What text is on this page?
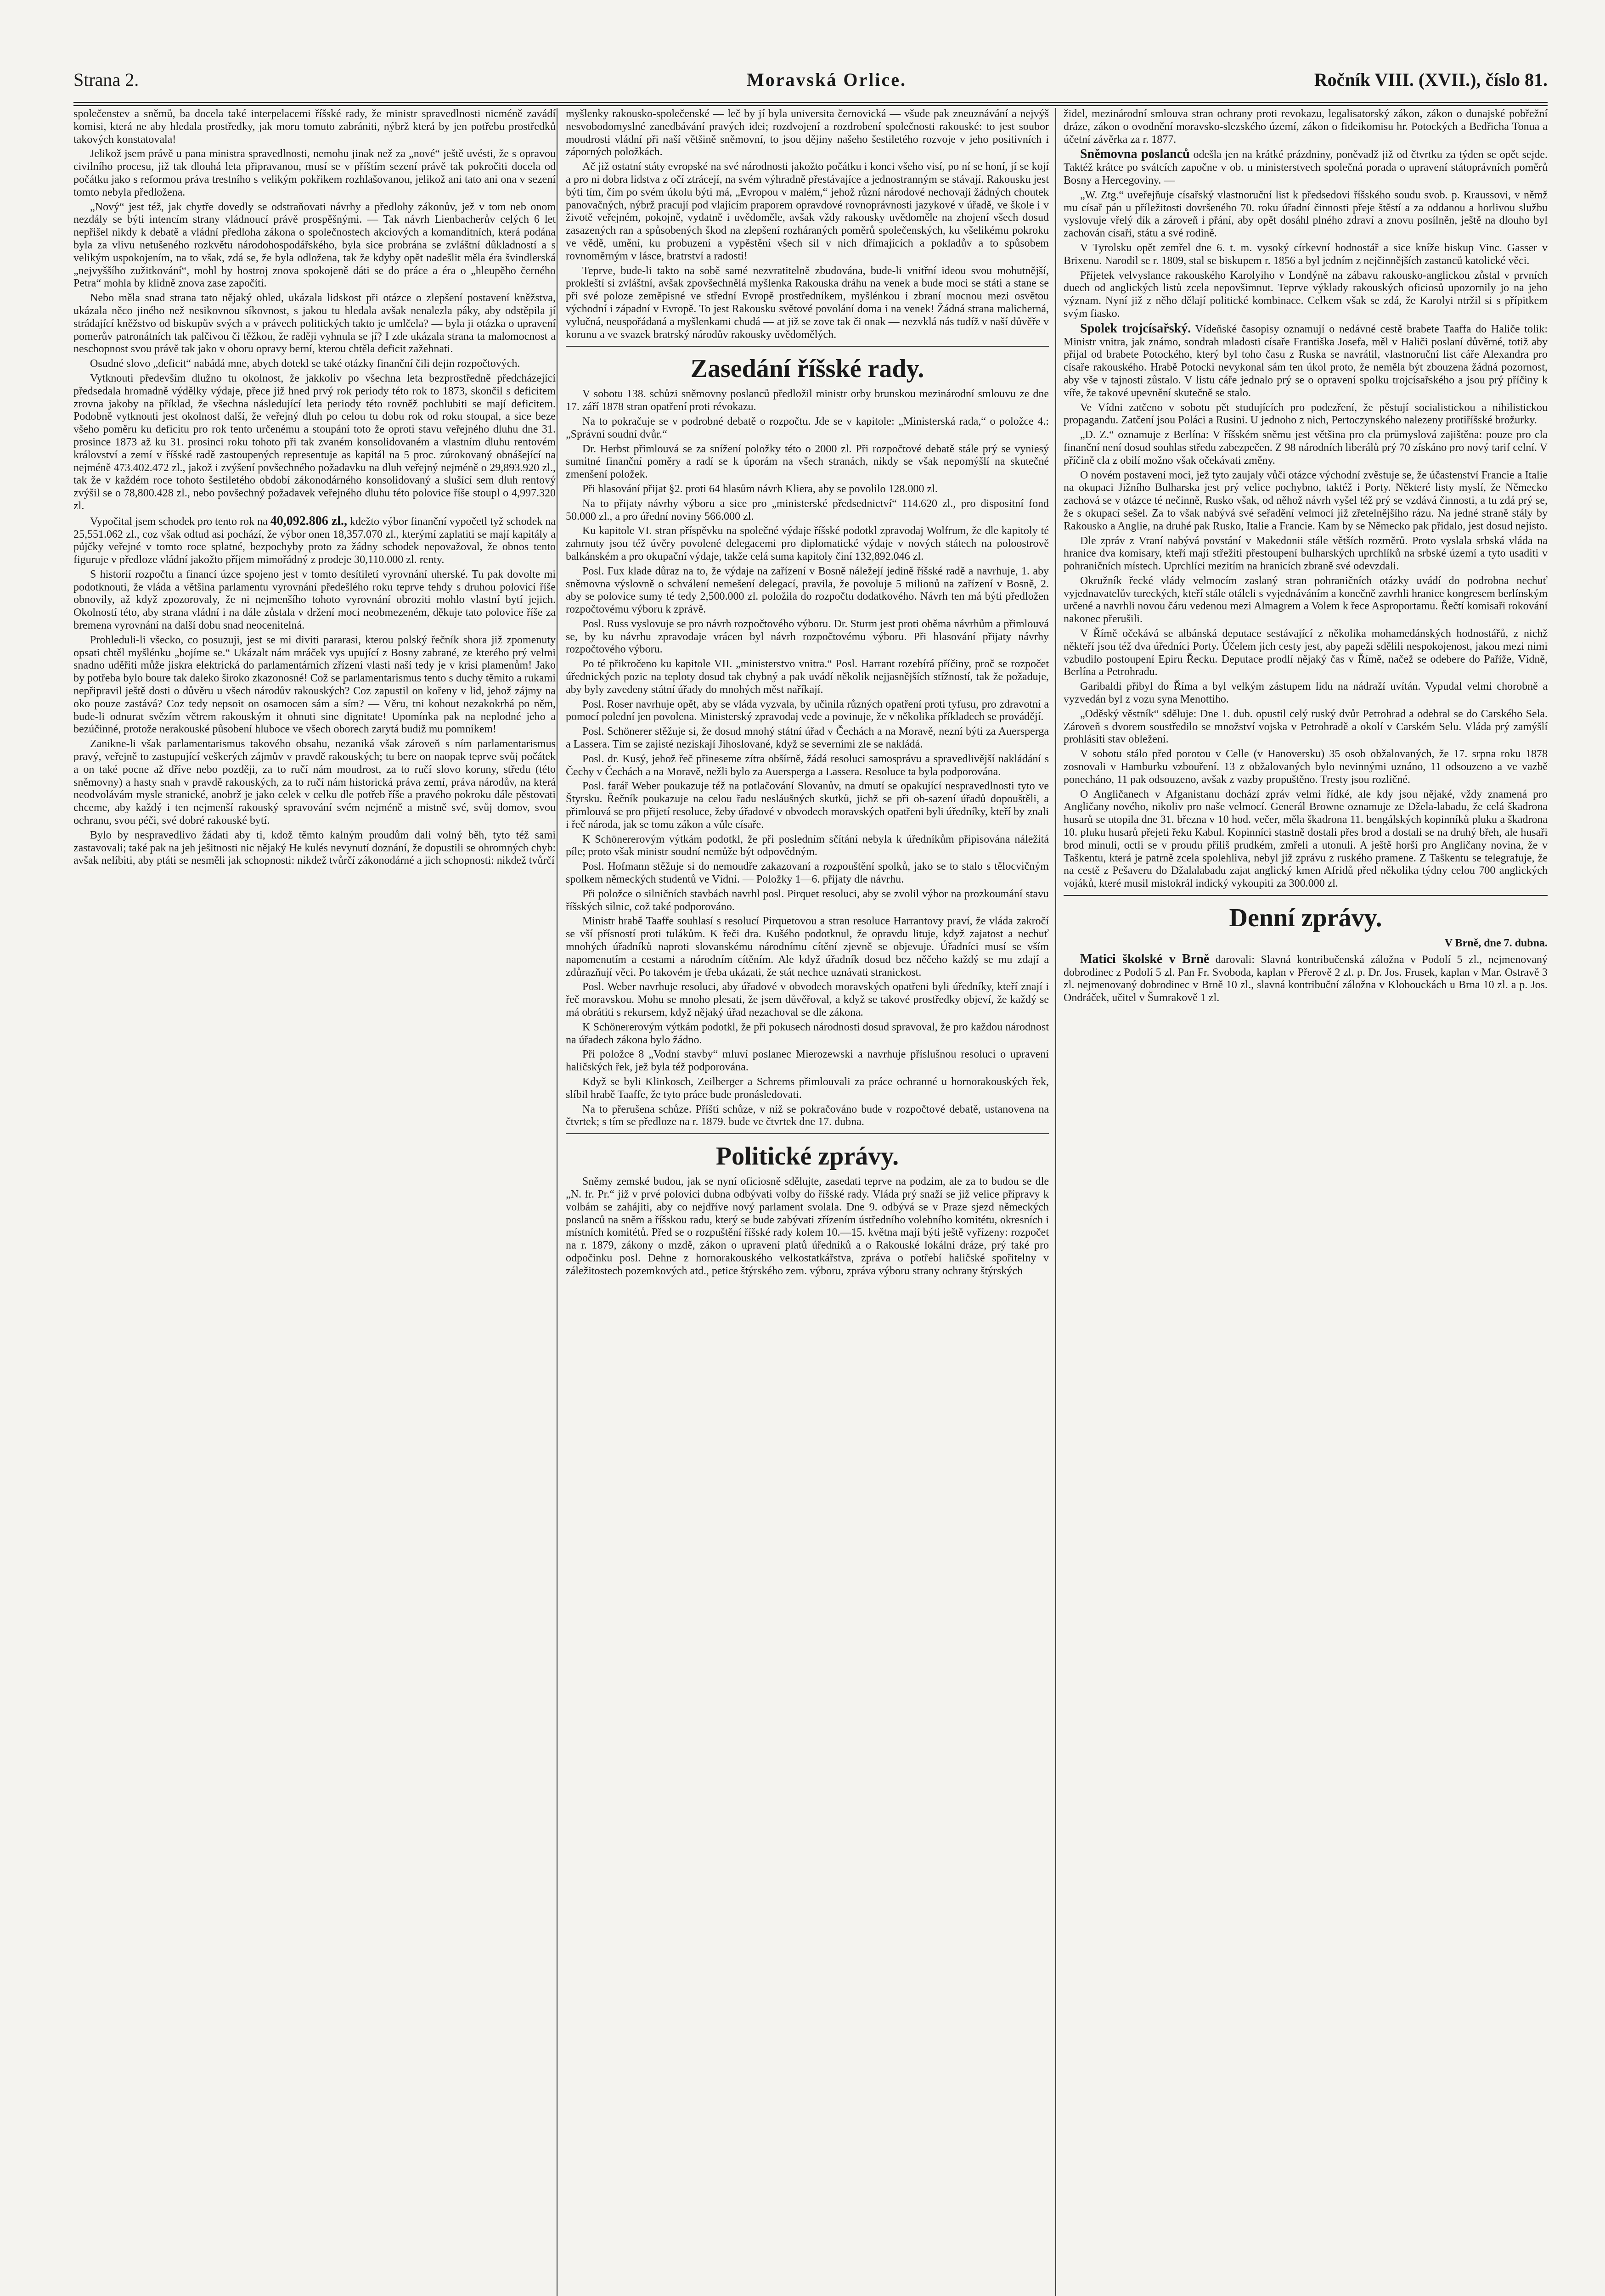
Strana 2.	Moravská Orlice.	Ročník VIII. (XVII.), číslo 81.

společenstev a sněmů, ba docela také interpelacemi říšské rady, že ministr spravedlnosti nicméně zavádí komisi, která ne aby hledala prostředky, jak moru tomuto zabrániti, nýbrž která by jen potřebu prostředků takových konstatovala!

Jelikož jsem právě u pana ministra spravedlnosti, nemohu jinak než za „nové“ ještě uvésti, že s opravou civilního procesu, již tak dlouhá leta připravanou, musí se v příštím sezení právě tak pokročiti docela od počátku jako s reformou práva trestního s velikým pokřikem rozhlašovanou, jelikož ani tato ani ona v sezení tomto nebyla předložena.

„Nový“ jest též, jak chytře dovedly se odstraňovati návrhy a předlohy zákonův, jež v tom neb onom nezdály se býti intencím strany vládnoucí právě prospěšnými. — Tak návrh Lienbacherův celých 6 let nepřišel nikdy k debatě a vládní předloha zákona o společnostech akciových a komanditních, která podána byla za vlivu netušeného rozkvětu národohospodářského, byla sice probrána se zvláštní důkladností a s velikým uspokojením, na to však, zdá se, že byla odložena, tak že kdyby opět nadešlit měla éra švindlerská „nejvyššího zužitkování“, mohl by hostroj znova spokojeně dáti se do práce a éra o „hleupěho černého Petra“ mohla by klidně znova zase započíti.

Nebo měla snad strana tato nějaký ohled, ukázala lidskost při otázce o zlepšení postavení kněžstva, ukázala něco jiného než nesikovnou síkovnost, s jakou tu hledala avšak nenalezla páky, aby odstěpila jí strádající kněžstvo od biskupův svých a v právech politických takto je umlčela? — byla ji otázka o upravení pomerův patronátních tak palčivou či těžkou, že raději vyhnula se jí? I zde ukázala strana ta malomocnost a neschopnost svou právě tak jako v oboru opravy berní, kterou chtěla deficit zažehnati.

Osudné slovo „deficit“ nabádá mne, abych dotekl se také otázky finanční čili dejin rozpočtových.

Vytknouti především dlužno tu okolnost, že jakkoliv po všechna leta bezprostředně předcházející předsedala hromadně výdělky výdaje, přece již hned prvý rok periody této rok to 1873, skončil s deficitem zrovna jakoby na příklad, že všechna následující leta periody této rovněž pochlubiti se mají deficitem. Podobně vytknouti jest okolnost další, že veřejný dluh po celou tu dobu rok od roku stoupal, a sice beze všeho poměru ku deficitu pro rok tento určenému a stoupání toto že oproti stavu veřejného dluhu dne 31. prosince 1873 až ku 31. prosinci roku tohoto při tak zvaném konsolidovaném a vlastním dluhu rentovém království a zemí v říšské radě zastoupených representuje as kapitál na 5 proc. zúrokovaný obnášející na nejméně 473.402.472 zl., jakož i zvýšení povšechného požadavku na dluh veřejný nejméně o 29,893.920 zl., tak že v každém roce tohoto šestiletého období zákonodárného konsolidovaný a slušící sem dluh rentový zvýšil se o 78,800.428 zl., nebo povšechný požadavek veřejného dluhu této polovice říše stoupl o 4,997.320 zl.

Vypočital jsem schodek pro tento rok na 40,092.806 zl., kdežto výbor finanční vypočetl tyž schodek na 25,551.062 zl., coz však odtud asi pochází, že výbor onen 18,357.070 zl., kterýmí zaplatiti se mají kapitály a půjčky veřejné v tomto roce splatné, bezpochyby proto za žádny schodek nepovažoval, že obnos tento figuruje v předloze vládní jakožto příjem mimořádný z prodeje 30,110.000 zl. renty.

S historií rozpočtu a financí úzce spojeno jest v tomto desítiletí vyrovnání uherské. Tu pak dovolte mi podotknouti, že vláda a většina parlamentu vyrovnání předešlého roku teprve tehdy s druhou polovicí říše obnovily, až když zpozorovaly, že ni nejmenšího tohoto vyrovnání obroziti mohlo vlastní bytí jejich. Okolností této, aby strana vládní i na dále zůstala v držení moci neobmezeném, děkuje tato polovice říše za bremena vyrovnání na další dobu snad neocenitelná.

Prohleduli-li všecko, co posuzuji, jest se mi diviti pararasi, kterou polský řečník shora již zpomenuty opsati chtěl myšlénku „bojíme se.“ Ukázalt nám mráček vys upující z Bosny zabrané, ze kterého prý velmi snadno uděřiti může jiskra elektrická do parlamentárních zřízení vlasti naší tedy je v krisi plamenům! Jako by potřeba bylo boure tak daleko široko zkazonosné! Což se parlamentarismus tento s duchy těmito a rukami nepřipravil ještě dosti o důvěru u všech národův rakouských? Coz zapustil on kořeny v lid, jehož zájmy na oko pouze zastává? Coz tedy nepsoit on osamocen sám a sím? — Věru, tni kohout nezakokrhá po něm, bude-li odnurat svězím větrem rakouským it ohnuti sine dignitate! Upomínka pak na neplodné jeho a bezúčinné, protože nerakouské působení hluboce ve všech oborech zarytá budiž mu pomníkem!

Zanikne-li však parlamentarismus takového obsahu, nezaniká však zároveň s ním parlamentarismus pravý, veřejně to zastupující veškerých zájmův v pravdě rakouských; tu bere on naopak teprve svůj počátek a on také pocne až dříve nebo později, za to ručí nám moudrost, za to ručí slovo koruny, středu (této sněmovny) a hasty snah v pravdě rakouských, za to ručí nám historická práva zemí, práva národův, na která neodvolávám mysle stranické, anobrž je jako celek v celku dle potřeb říše a pravého pokroku dále pěstovati chceme, aby každý i ten nejmenší rakouský spravování svém nejméně a mistně své, svůj domov, svou ochranu, svou péči, své dobré rakouské bytí.

Bylo by nespravedlivo žádati aby ti, kdož těmto kalným proudům dali volný běh, tyto též sami zastavovali; také pak na jeh ješitnosti nic nějaký He kulés nevynutí doznání, že dopustili se ohromných chyb: avšak nelíbiti, aby ptáti se nesměli jak schopnosti: nikdež tvůrčí zákonodárné a jich schopnosti: nikdež tvůrčí

myšlenky rakousko-společenské — leč by jí byla universita černovická — všude pak zneuznávání a nejvýš nesvobodomyslné zanedbávání pravých idei; rozdvojení a rozdrobení společnosti rakouské: to jest soubor moudrosti vládní při naší většině sněmovní, to jsou dějiny našeho šestiletého rozvoje v jeho positivních i záporných položkách.

Ač již ostatní státy evropské na své národnosti jakožto počátku i konci všeho visí, po ní se honí, jí se kojí a pro ni dobra lidstva z očí ztrácejí, na svém výhradně přestávajíce a jednostranným se stávají. Rakousku jest býti tím, čím po svém úkolu býti má, „Evropou v malém,“ jehož různí národové nechovají žádných choutek panovačných, nýbrž pracují pod vlajícím praporem opravdové rovnoprávnosti jazykové v úřadě, ve škole i v životě veřejném, pokojně, vydatně i uvědoměle, avšak vždy rakousky uvědoměle na zhojení všech dosud zasazených ran a spůsobených škod na zlepšení rozháraných poměrů společenských, ku všelikému pokroku ve vědě, umění, ku probuzení a vypěstění všech sil v nich dřímajících a pokladův a to spůsobem rovnoměrným v lásce, bratrství a radosti!

Teprve, bude-li takto na sobě samé nezvratitelně zbudována, bude-li vnitřní ideou svou mohutnější, prokleští si zvláštní, avšak zpovšechnělá myšlenka Rakouska dráhu na venek a bude moci se státi a stane se při své poloze zeměpisné ve střední Evropě prostředníkem, myšlénkou i zbraní mocnou mezi osvětou východní i západní v Evropě. To jest Rakousku světové povolání doma i na venek! Žádná strana malicherná, vylučná, neuspořádaná a myšlenkami chudá — at již se zove tak či onak — nezvklá nás tudíž v naší důvěře v korunu a ve svazek bratrský národův rakousky uvědomělých.

Zasedání říšské rady.

V sobotu 138. schůzi sněmovny poslanců předložil ministr orby brunskou mezinárodní smlouvu ze dne 17. září 1878 stran opatření proti révokazu.

Na to pokračuje se v podrobné debatě o rozpočtu. Jde se v kapitole: „Ministerská rada,“ o položce 4.: „Správní soudní dvůr.“

Dr. Herbst přimlouvá se za snížení položky této o 2000 zl. Při rozpočtové debatě stále prý se vyniesý sumitné finanční poměry a radí se k úporám na všech stranách, nikdy se však nepomýšlí na skutečné zmenšení položek.

Při hlasování přijat §2. proti 64 hlasům návrh Kliera, aby se povolilo 128.000 zl.

Na to přijaty návrhy výboru a sice pro „ministerské předsednictví“ 114.620 zl., pro dispositní fond 50.000 zl., a pro úřední noviny 566.000 zl.

Ku kapitole VI. stran příspěvku na společné výdaje říšské podotkl zpravodaj Wolfrum, že dle kapitoly té zahrnuty jsou též úvěry povolené delegacemi pro diplomatické výdaje v nových státech na poloostrově balkánském a pro okupační výdaje, takže celá suma kapitoly činí 132,892.046 zl.

Posl. Fux klade důraz na to, že výdaje na zařízení v Bosně náležejí jedině říšské radě a navrhuje, 1. aby sněmovna výslovně o schválení nemešení delegací, pravila, že povoluje 5 milionů na zařízení v Bosně, 2. aby se polovice sumy té tedy 2,500.000 zl. položila do rozpočtu dodatkového. Návrh ten má býti předložen rozpočtovému výboru k zprávě.

Posl. Russ vyslovuje se pro návrh rozpočtového výboru. Dr. Sturm jest proti oběma návrhům a přimlouvá se, by ku návrhu zpravodaje vrácen byl návrh rozpočtovému výboru. Při hlasování přijaty návrhy rozpočtového výboru.

Po té přikročeno ku kapitole VII. „ministerstvo vnitra.“ Posl. Harrant rozebírá příčiny, proč se rozpočet úřednických pozic na teploty dosud tak chybný a pak uvádí několik nejjasnějších stížností, tak že požaduje, aby byly zavedeny státní úřady do mnohých měst naříkají.

Posl. Roser navrhuje opět, aby se vláda vyzvala, by učinila různých opatření proti tyfusu, pro zdravotní a pomocí polední jen povolena. Ministerský zpravodaj vede a povinuje, že v několika příkladech se provádějí.

Posl. Schönerer stěžuje si, že dosud mnohý státní úřad v Čechách a na Moravě, nezní býti za Auersperga a Lassera. Tím se zajisté neziskají Jihoslované, když se severními zle se nakládá.

Posl. dr. Kusý, jehož řeč přineseme zítra obšírně, žádá resoluci samosprávu a spravedlivější nakládání s Čechy v Čechách a na Moravě, nežli bylo za Auersperga a Lassera. Resoluce ta byla podporována.

Posl. farář Weber poukazuje též na potlačování Slovanův, na dmutí se opakující nespravedlnosti tyto ve Štyrsku. Řečník poukazuje na celou řadu nesláušných skutků, jichž se při ob-sazení úřadů dopouštěli, a přimlouvá se pro přijetí resoluce, žeby úřadové v obvodech moravských opatřeni byli úředníky, kteří by znali i řeč národa, jak se tomu zákon a vůle císaře.

K Schönererovým výtkám podotkl, že při posledním sčítání nebyla k úředníkům připisována náležitá píle; proto však ministr soudní nemůže být odpovědným.

Posl. Hofmann stěžuje si do nemoudře zakazovaní a rozpouštění spolků, jako se to stalo s tělocvičným spolkem německých studentů ve Vídni. — Položky 1—6. přijaty dle návrhu.

Při položce o silničních stavbách navrhl posl. Pirquet resoluci, aby se zvolil výbor na prozkoumání stavu říšských silnic, což také podporováno.

Ministr hrabě Taaffe souhlasí s resolucí Pirquetovou a stran resoluce Harrantovy praví, že vláda zakročí se vší přísností proti tulákům. K řeči dra. Kušého podotknul, že opravdu lituje, když zajatost a nechuť mnohých úřadníků naproti slovanskému národnímu cítění zjevně se objevuje. Úřadníci musí se vším napomenutím a cestami a národním cítěním. Ale když úřadník dosud bez něčeho každý se mu zdají a zdůrazňují věci. Po takovém je třeba ukázati, že stát nechce uznávati stranickost.

Posl. Weber navrhuje resoluci, aby úřadové v obvodech moravských opatřeni byli úředníky, kteří znají i řeč moravskou. Mohu se mnoho plesati, že jsem důvěřoval, a když se takové prostředky objeví, že každý se má obrátiti s rekursem, když nějaký úřad nezachoval se dle zákona.

K Schönererovým výtkám podotkl, že při pokusech národnosti dosud spravoval, že pro každou národnost na úřadech zákona bylo žádno.

Při položce 8 „Vodní stavby“ mluví poslanec Mierozewski a navrhuje příslušnou resoluci o upravení haličských řek, jež byla též podporována.

Když se byli Klinkosch, Zeilberger a Schrems přimlouvali za práce ochranné u hornorakouských řek, slíbil hrabě Taaffe, že tyto práce bude pronásledovati.

Na to přerušena schůze. Příští schůze, v níž se pokračováno bude v rozpočtové debatě, ustanovena na čtvrtek; s tím se předloze na r. 1879. bude ve čtvrtek dne 17. dubna.

Politické zprávy.

Sněmy zemské budou, jak se nyní oficiosně sdělujte, zasedati teprve na podzim, ale za to budou se dle „N. fr. Pr.“ již v prvé polovici dubna odbývati volby do říšské rady. Vláda prý snaží se již velice přípravy k volbám se zahájiti, aby co nejdříve nový parlament svolala. Dne 9. odbývá se v Praze sjezd německých poslanců na sněm a říšskou radu, který se bude zabývati zřízením ústředního volebního komitétu, okresních i místních komitétů. Před se o rozpuštění říšské rady kolem 10.—15. května mají býti ještě vyřízeny: rozpočet na r. 1879, zákony o mzdě, zákon o upravení platů úředníků a o Rakouské lokální dráze, prý také pro odpočinku posl. Dehne z hornorakouského velkostatkářstva, zpráva o potřebí haličské spořitelny v záležitostech pozemkových atd., petice štýrského zem. výboru, zpráva výboru strany ochrany štýrských

židel, mezinárodní smlouva stran ochrany proti revokazu, legalisatorský zákon, zákon o dunajské pobřežní dráze, zákon o ovodnění moravsko-slezského území, zákon o fideikomisu hr. Potockých a Bedřicha Tonua a účetní závěrka za r. 1877.

Sněmovna poslanců odešla jen na krátké prázdniny, poněvadž již od čtvrtku za týden se opět sejde. Taktéž krátce po svátcích započne v ob. u ministerstvech společná porada o upravení státoprávních poměrů Bosny a Hercegoviny. —

„W. Ztg.“ uveřejňuje císařský vlastnoruční list k předsedovi říšského soudu svob. p. Kraussovi, v němž mu císař pán u příležitosti dovršeného 70. roku úřadní činnosti přeje štěstí a za oddanou a horlivou službu vyslovuje vřelý dík a zároveň i přání, aby opět dosáhl plného zdraví a znovu posílněn, ještě na dlouho byl zachován císaři, státu a své rodině.

V Tyrolsku opět zemřel dne 6. t. m. vysoký církevní hodnostář a sice kníže biskup Vinc. Gasser v Brixenu. Narodil se r. 1809, stal se biskupem r. 1856 a byl jedním z nejčinnějších zastanců katolické věci.

Příjetek velvyslance rakouského Karolyiho v Londýně na zábavu rakousko-anglickou zůstal v prvních duech od anglických listů zcela nepovšimnut. Teprve výklady rakouských oficiosů upozornily jo na jeho význam. Nyní již z něho dělají politické kombinace. Celkem však se zdá, že Karolyi ntržil si s přípitkem svým fiasko.

Spolek trojcísařský. Vídeňské časopisy oznamují o nedávné cestě brabete Taaffa do Haliče tolik: Ministr vnitra, jak známo, sondrah mladosti císaře Františka Josefa, měl v Haliči poslaní důvěrné, totiž aby přijal od brabete Potockého, který byl toho času z Ruska se navrátil, vlastnoruční list cáře Alexandra pro císaře rakouského. Hrabě Potocki nevykonal sám ten úkol proto, že neměla být zbouzena žádná pozornost, aby vše v tajnosti zůstalo. V listu cáře jednalo prý se o opravení spolku trojcísařského a jsou prý příčiny k víře, že takové upevnění skutečně se stalo.

Ve Vídni zatčeno v sobotu pět studujících pro podezření, že pěstují socialistickou a nihilistickou propagandu. Zatčení jsou Poláci a Rusini. U jednoho z nich, Pertoczynského nalezeny protiříšské brožurky.

„D. Z.“ oznamuje z Berlína: V říšském sněmu jest většina pro cla průmyslová zajištěna: pouze pro cla finanční není dosud souhlas středu zabezpečen. Z 98 národních liberálů prý 70 získáno pro nový tarif celní. V příčině cla z obilí možno však očekávati změny.

O novém postavení moci, jež tyto zaujaly vůči otázce východní zvěstuje se, že účastenství Francie a Italie na okupaci Jižního Bulharska jest prý velice pochybno, taktéž i Porty. Některé listy myslí, že Německo zachová se v otázce té nečinně, Rusko však, od něhož návrh vyšel též prý se vzdává činnosti, a tu zdá prý se, že s okupací sešel. Za to však nabývá své seřadění velmocí již zřetelnějšího rázu. Na jedné straně stály by Rakousko a Anglie, na druhé pak Rusko, Italie a Francie. Kam by se Německo pak přidalo, jest dosud nejisto.

Dle zpráv z Vraní nabývá povstání v Makedonii stále větších rozměrů. Proto vyslala srbská vláda na hranice dva komisary, kteří mají střežiti přestoupení bulharských uprchlíků na srbské území a tyto usaditi v pohraničních místech. Uprchlíci mezitím na hranicích zbraně své odevzdali.

Okružník řecké vlády velmocím zaslaný stran pohraničních otázky uvádí do podrobna nechuť vyjednavatelův tureckých, kteří stále otáleli s vyjednáváním a konečně zavrhli hranice kongresem berlínským určené a navrhli novou čáru vedenou mezi Almagrem a Volem k řece Asproportamu. Řečtí komisaři rokování nakonec přerušili.

V Římě očekává se albánská deputace sestávající z několika mohamedánských hodnostářů, z nichž někteří jsou též dva úředníci Porty. Účelem jich cesty jest, aby papeži sdělili nespokojenost, jakou mezi nimi vzbudilo postoupení Epiru Řecku. Deputace prodlí nějaký čas v Římě, načež se odebere do Paříže, Vídně, Berlína a Petrohradu.

Garibaldi přibyl do Říma a byl velkým zástupem lidu na nádraží uvítán. Vypudal velmi chorobně a vyzvedán byl z vozu syna Menottiho.

„Oděský věstník“ sděluje: Dne 1. dub. opustil celý ruský dvůr Petrohrad a odebral se do Carského Sela. Zároveň s dvorem soustředilo se množství vojska v Petrohradě a okolí v Carském Selu. Vláda prý zamýšlí prohlásiti stav obležení.

V sobotu stálo před porotou v Celle (v Hanoversku) 35 osob obžalovaných, že 17. srpna roku 1878 zosnovali v Hamburku vzbouření. 13 z obžalovaných bylo nevinnými uznáno, 11 odsouzeno a ve vazbě ponecháno, 11 pak odsouzeno, avšak z vazby propuštěno. Tresty jsou rozličné.

O Angličanech v Afganistanu dochází zpráv velmi řídké, ale kdy jsou nějaké, vždy znamená pro Angličany nového, nikoliv pro naše velmocí. Generál Browne oznamuje ze Džela-labadu, že celá škadrona husarů se utopila dne 31. března v 10 hod. večer, měla škadrona 11. bengálských kopinníků pluku a škadrona 10. pluku husarů přejeti řeku Kabul. Kopinníci stastně dostali přes brod a dostali se na druhý břeh, ale husaři brod minuli, octli se v proudu příliš prudkém, zmřeli a utonuli. A ještě horší pro Angličany novina, že v Taškentu, která je patrně zcela spolehliva, nebyl již zprávu z ruského pramene. Z Taškentu se telegrafuje, že na cestě z Pešaveru do Džalalabadu zajat anglický kmen Afridů před několika týdny celou 700 anglických vojáků, které musil mistokrál indický vykoupiti za 300.000 zl.

Denní zprávy.
V Brně, dne 7. dubna.

Matici školské v Brně darovali: Slavná kontribučenská záložna v Podolí 5 zl., nejmenovaný dobrodinec z Podolí 5 zl. Pan Fr. Svoboda, kaplan v Přerově 2 zl. p. Dr. Jos. Frusek, kaplan v Mar. Ostravě 3 zl. nejmenovaný dobrodinec v Brně 10 zl., slavná kontribuční záložna v Klobouckách u Brna 10 zl. a p. Jos. Ondráček, učitel v Šumrakově 1 zl.
